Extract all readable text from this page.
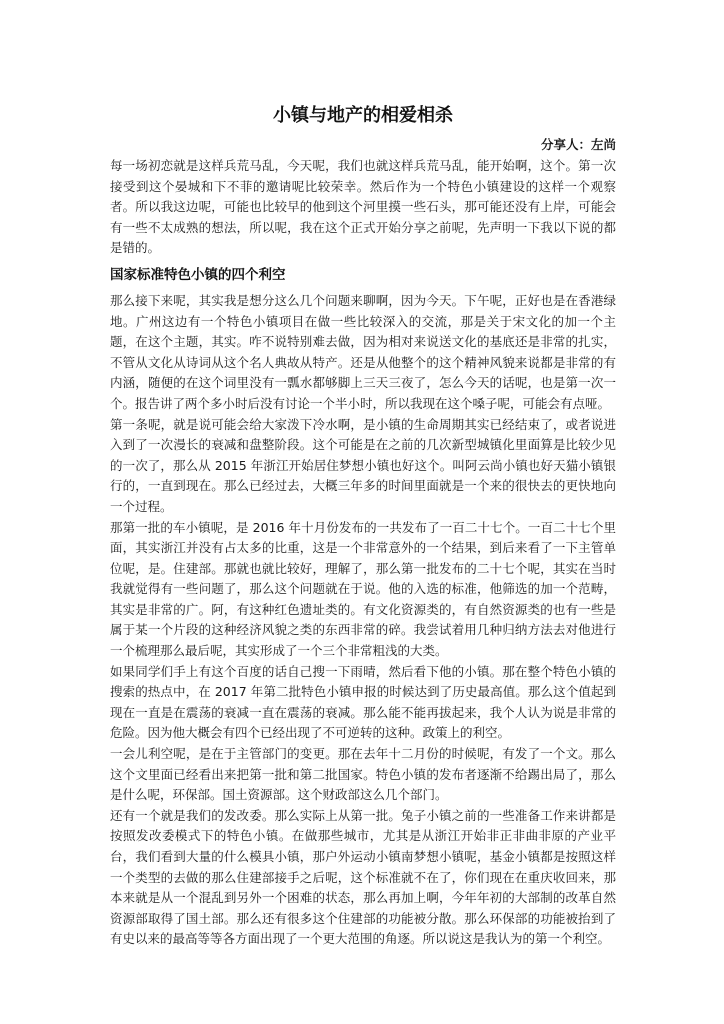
小镇与地产的相爱相杀
分享人：左尚

每一场初恋就是这样兵荒马乱，今天呢，我们也就这样兵荒马乱，能开始啊，这个。第一次接受到这个晏城和下不菲的邀请呢比较荣幸。然后作为一个特色小镇建设的这样一个观察者。所以我这边呢，可能也比较早的他到这个河里摸一些石头，那可能还没有上岸，可能会有一些不太成熟的想法，所以呢，我在这个正式开始分享之前呢，先声明一下我以下说的都是错的。

国家标准特色小镇的四个利空

那么接下来呢，其实我是想分这么几个问题来聊啊，因为今天。下午呢，正好也是在香港绿地。广州这边有一个特色小镇项目在做一些比较深入的交流，那是关于宋文化的加一个主题，在这个主题，其实。咋不说特别难去做，因为相对来说送文化的基底还是非常的扎实，不管从文化从诗词从这个名人典故从特产。还是从他整个的这个精神风貌来说都是非常的有内涵，随便的在这个词里没有一瓢水都够脚上三天三夜了，怎么今天的话呢，也是第一次一个。报告讲了两个多小时后没有讨论一个半小时，所以我现在这个嗓子呢，可能会有点哑。

第一条呢，就是说可能会给大家泼下冷水啊，是小镇的生命周期其实已经结束了，或者说进入到了一次漫长的衰减和盘整阶段。这个可能是在之前的几次新型城镇化里面算是比较少见的一次了，那么从 2015 年浙江开始居住梦想小镇也好这个。叫阿云尚小镇也好天猫小镇银行的，一直到现在。那么已经过去，大概三年多的时间里面就是一个来的很快去的更快地向一个过程。

那第一批的车小镇呢，是 2016 年十月份发布的一共发布了一百二十七个。一百二十七个里面，其实浙江并没有占太多的比重，这是一个非常意外的一个结果，到后来看了一下主管单位呢，是。住建部。那就也就比较好，理解了，那么第一批发布的二十七个呢，其实在当时我就觉得有一些问题了，那么这个问题就在于说。他的入选的标准，他筛选的加一个范畴，其实是非常的广。阿，有这种红色遗址类的。有文化资源类的，有自然资源类的也有一些是属于某一个片段的这种经济风貌之类的东西非常的碎。我尝试着用几种归纳方法去对他进行一个梳理那么最后呢，其实形成了一个三个非常粗浅的大类。

如果同学们手上有这个百度的话自己搜一下雨晴，然后看下他的小镇。那在整个特色小镇的搜索的热点中，在 2017 年第二批特色小镇申报的时候达到了历史最高值。那么这个值起到现在一直是在震荡的衰减一直在震荡的衰减。那么能不能再拔起来，我个人认为说是非常的危险。因为他大概会有四个已经出现了不可逆转的这种。政策上的利空。

一会儿利空呢，是在于主管部门的变更。那在去年十二月份的时候呢，有发了一个文。那么这个文里面已经看出来把第一批和第二批国家。特色小镇的发布者逐渐不给踢出局了，那么是什么呢，环保部。国土资源部。这个财政部这么几个部门。

还有一个就是我们的发改委。那么实际上从第一批。兔子小镇之前的一些准备工作来讲都是按照发改委模式下的特色小镇。在做那些城市，尤其是从浙江开始非正非曲非原的产业平台，我们看到大量的什么模具小镇，那户外运动小镇南梦想小镇呢，基金小镇都是按照这样一个类型的去做的那么住建部接手之后呢，这个标准就不在了，你们现在在重庆收回来，那本来就是从一个混乱到另外一个困难的状态，那么再加上啊，今年年初的大部制的改革自然资源部取得了国土部。那么还有很多这个住建部的功能被分散。那么环保部的功能被抬到了有史以来的最高等等各方面出现了一个更大范围的角逐。所以说这是我认为的第一个利空。
